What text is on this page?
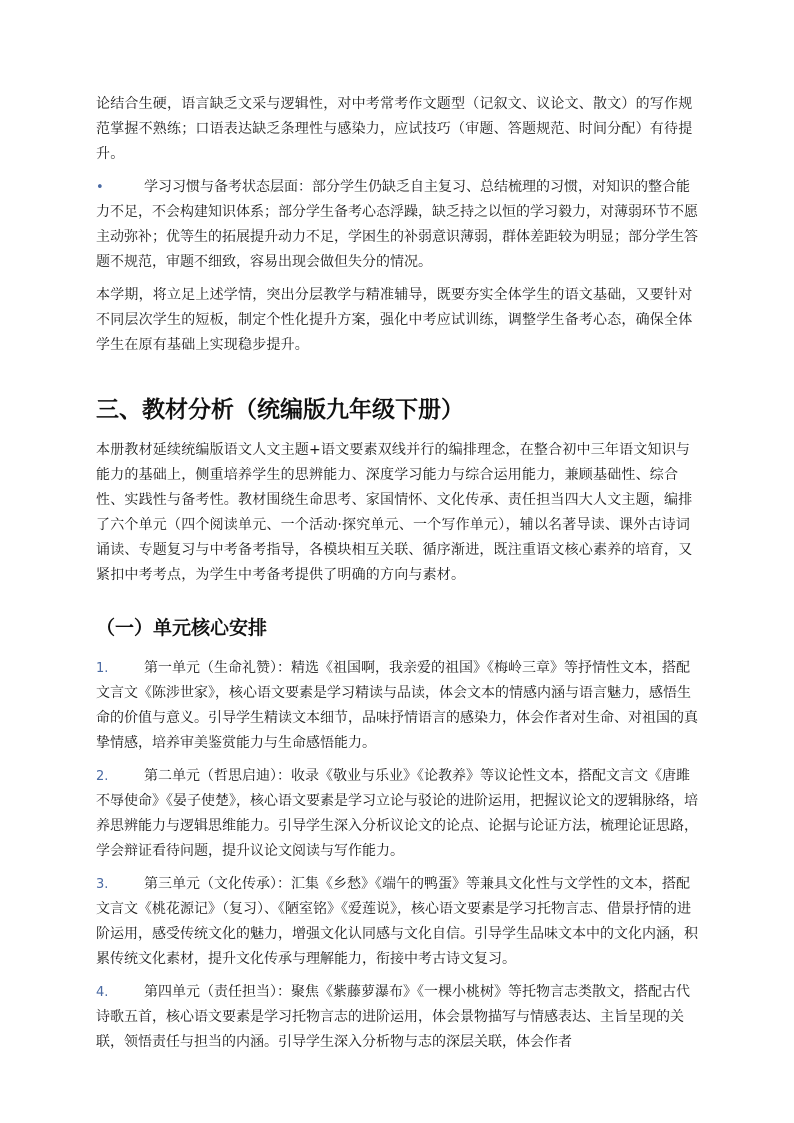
论结合生硬，语言缺乏文采与逻辑性，对中考常考作文题型（记叙文、议论文、散文）的写作规范掌握不熟练；口语表达缺乏条理性与感染力，应试技巧（审题、答题规范、时间分配）有待提升。

•	学习习惯与备考状态层面：部分学生仍缺乏自主复习、总结梳理的习惯，对知识的整合能力不足，不会构建知识体系；部分学生备考心态浮躁，缺乏持之以恒的学习毅力，对薄弱环节不愿主动弥补；优等生的拓展提升动力不足，学困生的补弱意识薄弱，群体差距较为明显；部分学生答题不规范，审题不细致，容易出现会做但失分的情况。

本学期，将立足上述学情，突出分层教学与精准辅导，既要夯实全体学生的语文基础，又要针对不同层次学生的短板，制定个性化提升方案，强化中考应试训练，调整学生备考心态，确保全体学生在原有基础上实现稳步提升。

三、教材分析（统编版九年级下册）

本册教材延续统编版语文人文主题+语文要素双线并行的编排理念，在整合初中三年语文知识与能力的基础上，侧重培养学生的思辨能力、深度学习能力与综合运用能力，兼顾基础性、综合性、实践性与备考性。教材围绕生命思考、家国情怀、文化传承、责任担当四大人文主题，编排了六个单元（四个阅读单元、一个活动·探究单元、一个写作单元），辅以名著导读、课外古诗词诵读、专题复习与中考备考指导，各模块相互关联、循序渐进，既注重语文核心素养的培育，又紧扣中考考点，为学生中考备考提供了明确的方向与素材。

（一）单元核心安排
1.	第一单元（生命礼赞）：精选《祖国啊，我亲爱的祖国》《梅岭三章》等抒情性文本，搭配文言文《陈涉世家》，核心语文要素是学习精读与品读，体会文本的情感内涵与语言魅力，感悟生命的价值与意义。引导学生精读文本细节，品味抒情语言的感染力，体会作者对生命、对祖国的真挚情感，培养审美鉴赏能力与生命感悟能力。
2.	第二单元（哲思启迪）：收录《敬业与乐业》《论教养》等议论性文本，搭配文言文《唐雎不辱使命》《晏子使楚》，核心语文要素是学习立论与驳论的进阶运用，把握议论文的逻辑脉络，培养思辨能力与逻辑思维能力。引导学生深入分析议论文的论点、论据与论证方法，梳理论证思路，学会辩证看待问题，提升议论文阅读与写作能力。
3.	第三单元（文化传承）：汇集《乡愁》《端午的鸭蛋》等兼具文化性与文学性的文本，搭配文言文《桃花源记》（复习）、《陋室铭》《爱莲说》，核心语文要素是学习托物言志、借景抒情的进阶运用，感受传统文化的魅力，增强文化认同感与文化自信。引导学生品味文本中的文化内涵，积累传统文化素材，提升文化传承与理解能力，衔接中考古诗文复习。
4.	第四单元（责任担当）：聚焦《紫藤萝瀑布》《一棵小桃树》等托物言志类散文，搭配古代诗歌五首，核心语文要素是学习托物言志的进阶运用，体会景物描写与情感表达、主旨呈现的关联，领悟责任与担当的内涵。引导学生深入分析物与志的深层关联，体会作者
